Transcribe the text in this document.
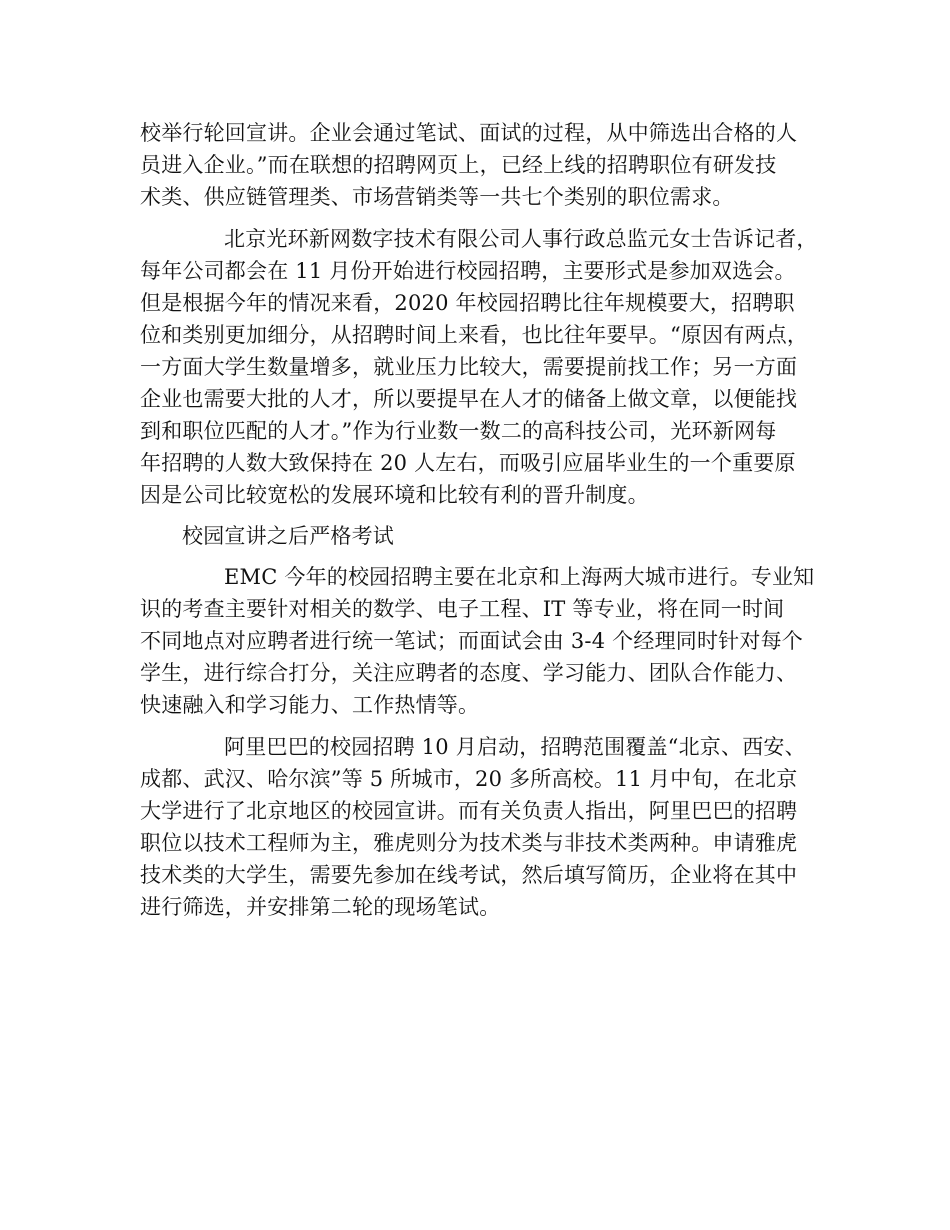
校举行轮回宣讲。企业会通过笔试、面试的过程，从中筛选出合格的人
员进入企业。”而在联想的招聘网页上，已经上线的招聘职位有研发技
术类、供应链管理类、市场营销类等一共七个类别的职位需求。
北京光环新网数字技术有限公司人事行政总监元女士告诉记者，
每年公司都会在 11 月份开始进行校园招聘，主要形式是参加双选会。
但是根据今年的情况来看，2020 年校园招聘比往年规模要大，招聘职
位和类别更加细分，从招聘时间上来看，也比往年要早。“原因有两点，
一方面大学生数量增多，就业压力比较大，需要提前找工作；另一方面
企业也需要大批的人才，所以要提早在人才的储备上做文章，以便能找
到和职位匹配的人才。”作为行业数一数二的高科技公司，光环新网每
年招聘的人数大致保持在 20 人左右，而吸引应届毕业生的一个重要原
因是公司比较宽松的发展环境和比较有利的晋升制度。
校园宣讲之后严格考试
EMC 今年的校园招聘主要在北京和上海两大城市进行。专业知
识的考查主要针对相关的数学、电子工程、IT 等专业，将在同一时间
不同地点对应聘者进行统一笔试；而面试会由 3-4 个经理同时针对每个
学生，进行综合打分，关注应聘者的态度、学习能力、团队合作能力、
快速融入和学习能力、工作热情等。
阿里巴巴的校园招聘 10 月启动，招聘范围覆盖“北京、西安、
成都、武汉、哈尔滨”等 5 所城市，20 多所高校。11 月中旬，在北京
大学进行了北京地区的校园宣讲。而有关负责人指出，阿里巴巴的招聘
职位以技术工程师为主，雅虎则分为技术类与非技术类两种。申请雅虎
技术类的大学生，需要先参加在线考试，然后填写简历，企业将在其中
进行筛选，并安排第二轮的现场笔试。
